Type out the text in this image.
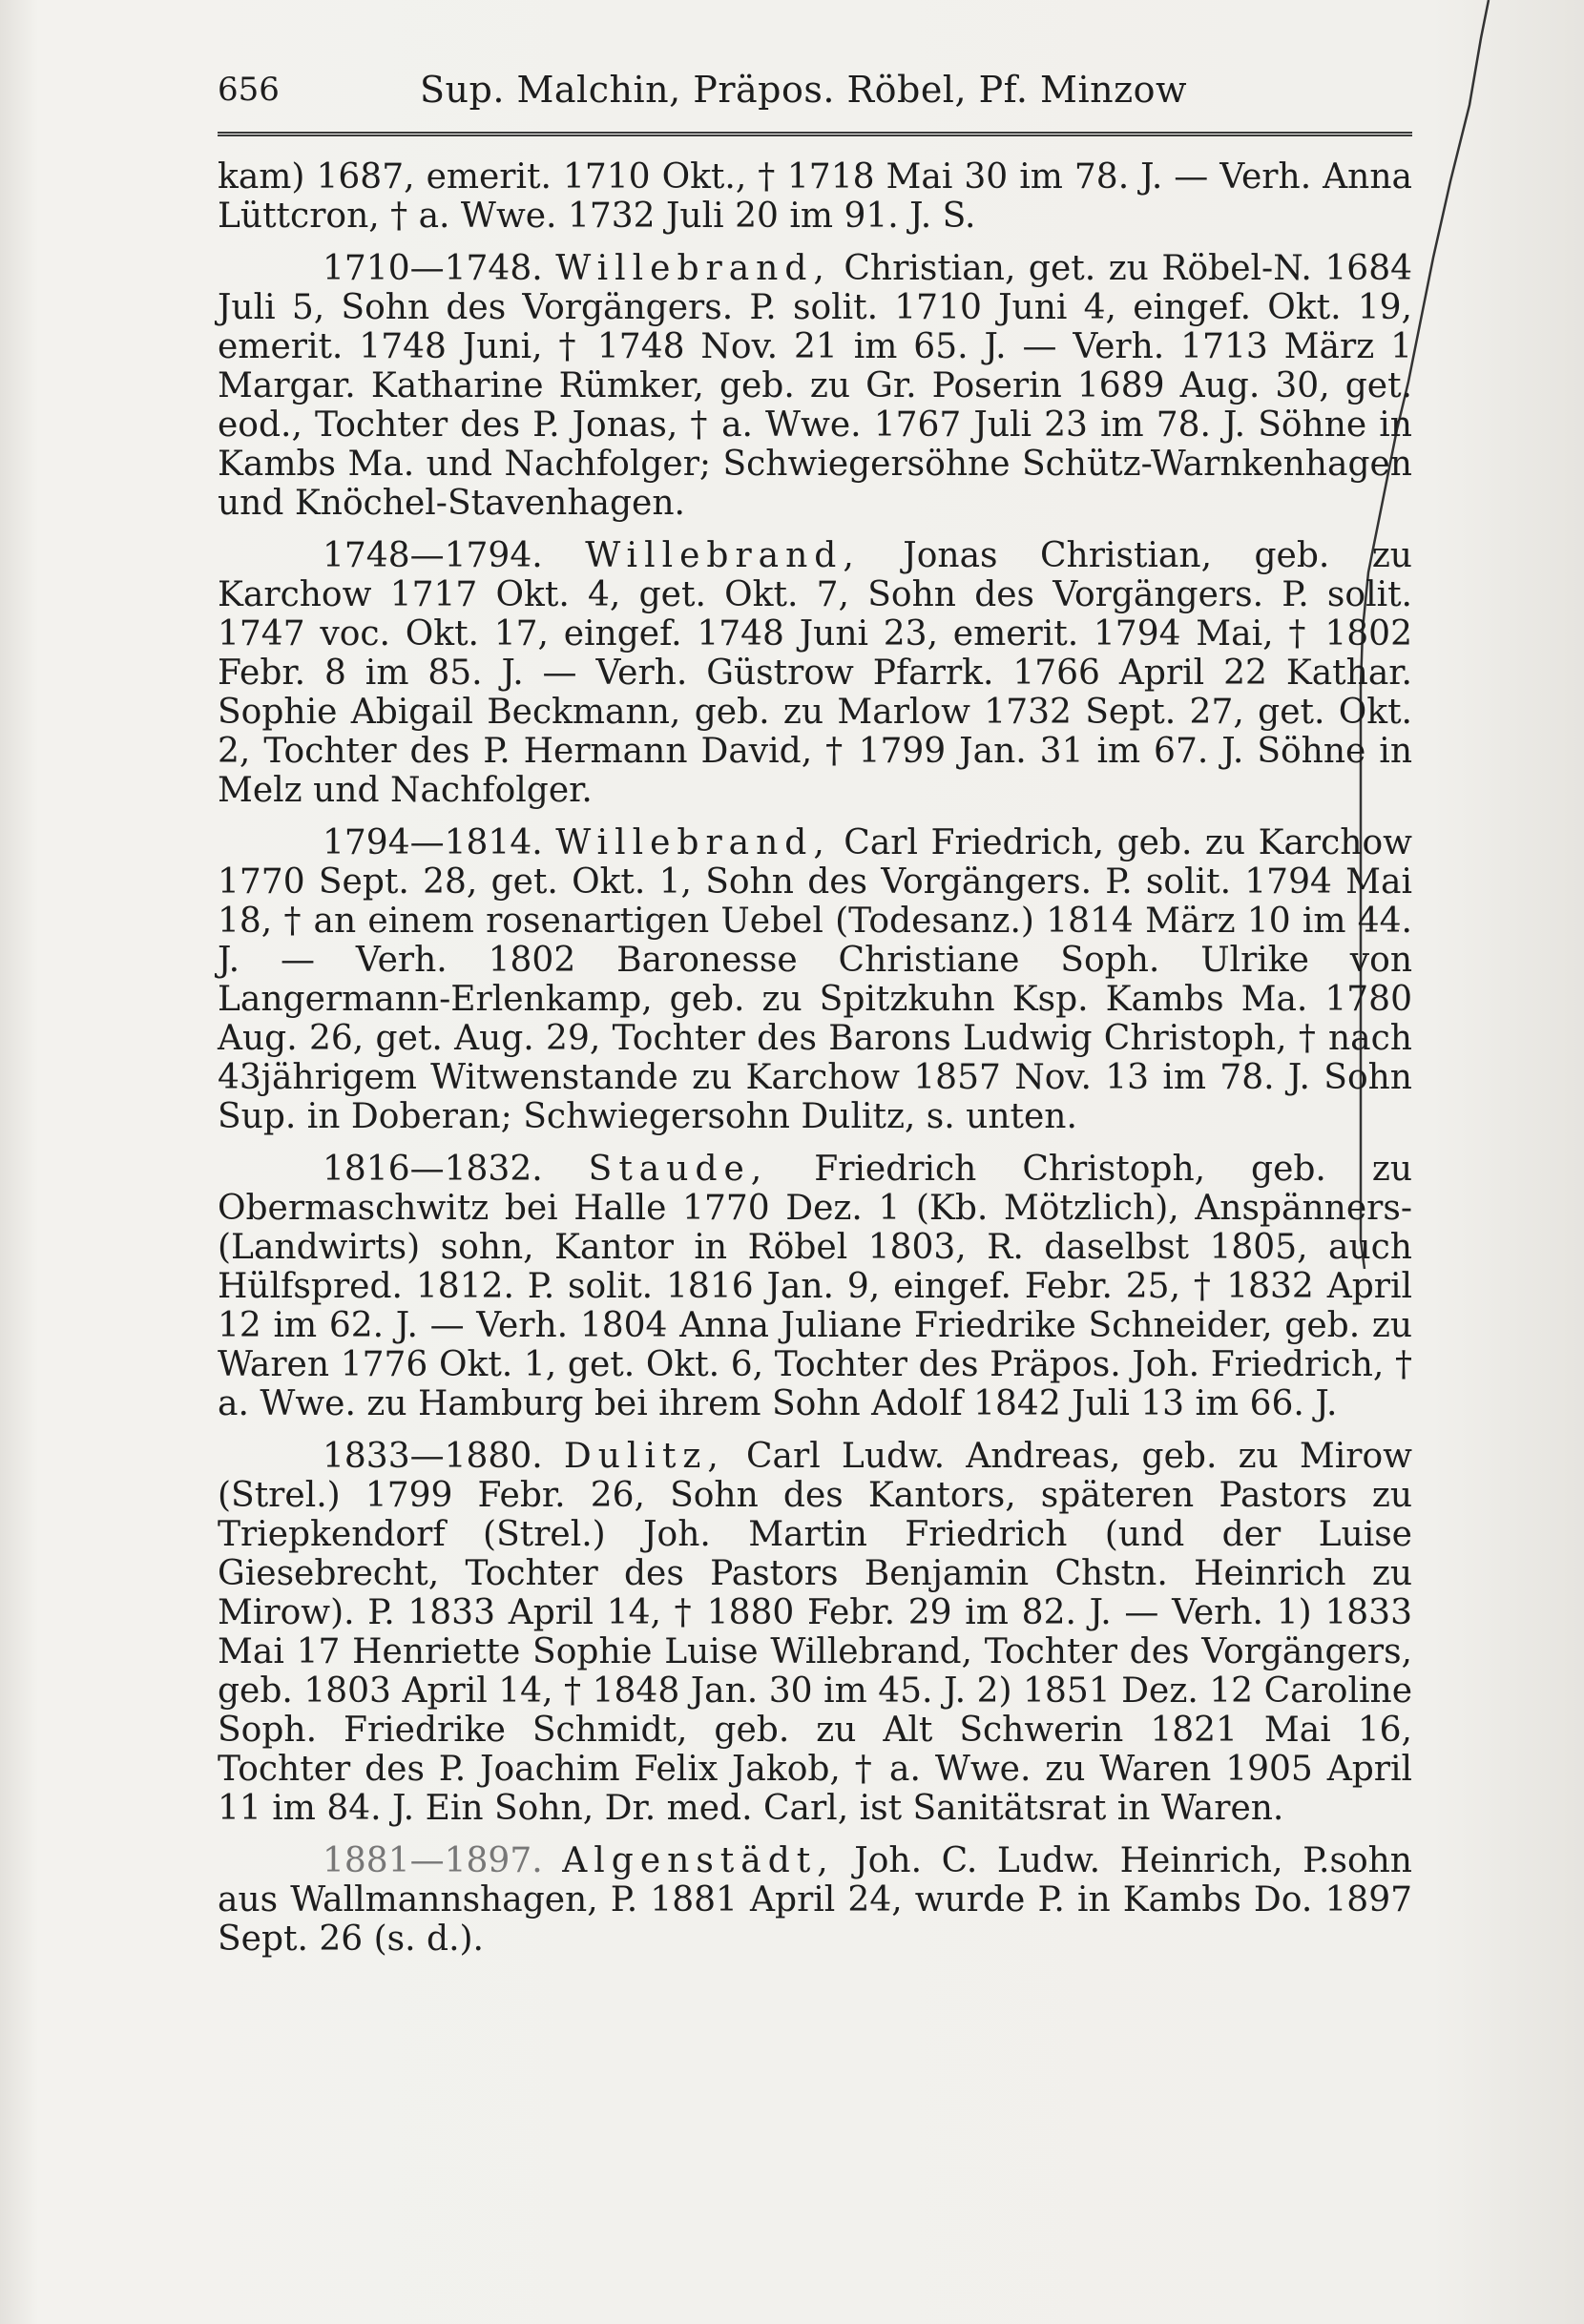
656	Sup. Malchin, Präpos. Röbel, Pf. Minzow

kam) 1687, emerit. 1710 Okt., † 1718 Mai 30 im 78. J. — Verh. Anna Lüttcron, † a. Wwe. 1732 Juli 20 im 91. J. S.

1710—1748. Willebrand, Christian, get. zu Röbel-N. 1684 Juli 5, Sohn des Vorgängers. P. solit. 1710 Juni 4, eingef. Okt. 19, emerit. 1748 Juni, † 1748 Nov. 21 im 65. J. — Verh. 1713 März 1 Margar. Katharine Rümker, geb. zu Gr. Poserin 1689 Aug. 30, get. eod., Tochter des P. Jonas, † a. Wwe. 1767 Juli 23 im 78. J. Söhne in Kambs Ma. und Nachfolger; Schwiegersöhne Schütz-Warnkenhagen und Knöchel-Stavenhagen.

1748—1794. Willebrand, Jonas Christian, geb. zu Karchow 1717 Okt. 4, get. Okt. 7, Sohn des Vorgängers. P. solit. 1747 voc. Okt. 17, eingef. 1748 Juni 23, emerit. 1794 Mai, † 1802 Febr. 8 im 85. J. — Verh. Güstrow Pfarrk. 1766 April 22 Kathar. Sophie Abigail Beckmann, geb. zu Marlow 1732 Sept. 27, get. Okt. 2, Tochter des P. Hermann David, † 1799 Jan. 31 im 67. J. Söhne in Melz und Nachfolger.

1794—1814. Willebrand, Carl Friedrich, geb. zu Karchow 1770 Sept. 28, get. Okt. 1, Sohn des Vorgängers. P. solit. 1794 Mai 18, † an einem rosenartigen Uebel (Todesanz.) 1814 März 10 im 44. J. — Verh. 1802 Baronesse Christiane Soph. Ulrike von Langermann-Erlenkamp, geb. zu Spitzkuhn Ksp. Kambs Ma. 1780 Aug. 26, get. Aug. 29, Tochter des Barons Ludwig Christoph, † nach 43jährigem Witwenstande zu Karchow 1857 Nov. 13 im 78. J. Sohn Sup. in Doberan; Schwiegersohn Dulitz, s. unten.

1816—1832. Staude, Friedrich Christoph, geb. zu Obermaschwitz bei Halle 1770 Dez. 1 (Kb. Mötzlich), Anspänners- (Landwirts) sohn, Kantor in Röbel 1803, R. daselbst 1805, auch Hülfspred. 1812. P. solit. 1816 Jan. 9, eingef. Febr. 25, † 1832 April 12 im 62. J. — Verh. 1804 Anna Juliane Friedrike Schneider, geb. zu Waren 1776 Okt. 1, get. Okt. 6, Tochter des Präpos. Joh. Friedrich, † a. Wwe. zu Hamburg bei ihrem Sohn Adolf 1842 Juli 13 im 66. J.

1833—1880. Dulitz, Carl Ludw. Andreas, geb. zu Mirow (Strel.) 1799 Febr. 26, Sohn des Kantors, späteren Pastors zu Triepkendorf (Strel.) Joh. Martin Friedrich (und der Luise Giesebrecht, Tochter des Pastors Benjamin Chstn. Heinrich zu Mirow). P. 1833 April 14, † 1880 Febr. 29 im 82. J. — Verh. 1) 1833 Mai 17 Henriette Sophie Luise Willebrand, Tochter des Vorgängers, geb. 1803 April 14, † 1848 Jan. 30 im 45. J. 2) 1851 Dez. 12 Caroline Soph. Friedrike Schmidt, geb. zu Alt Schwerin 1821 Mai 16, Tochter des P. Joachim Felix Jakob, † a. Wwe. zu Waren 1905 April 11 im 84. J. Ein Sohn, Dr. med. Carl, ist Sanitätsrat in Waren.

1881—1897. Algenstädt, Joh. C. Ludw. Heinrich, P.sohn aus Wallmannshagen, P. 1881 April 24, wurde P. in Kambs Do. 1897 Sept. 26 (s. d.).
